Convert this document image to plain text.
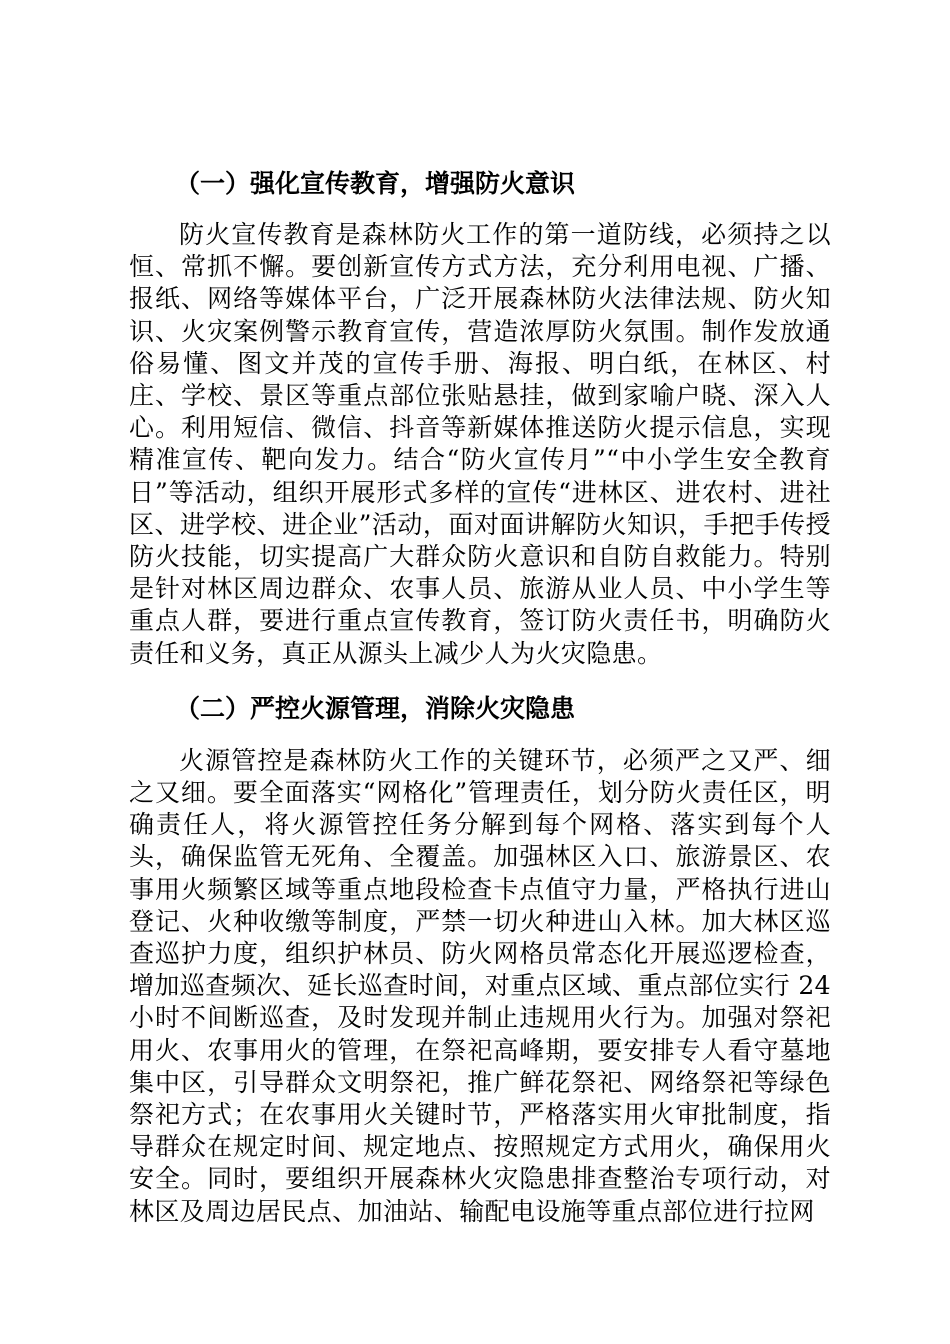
（一）强化宣传教育，增强防火意识

防火宣传教育是森林防火工作的第一道防线，必须持之以恒、常抓不懈。要创新宣传方式方法，充分利用电视、广播、报纸、网络等媒体平台，广泛开展森林防火法律法规、防火知识、火灾案例警示教育宣传，营造浓厚防火氛围。制作发放通俗易懂、图文并茂的宣传手册、海报、明白纸，在林区、村庄、学校、景区等重点部位张贴悬挂，做到家喻户晓、深入人心。利用短信、微信、抖音等新媒体推送防火提示信息，实现精准宣传、靶向发力。结合“防火宣传月”“中小学生安全教育日”等活动，组织开展形式多样的宣传“进林区、进农村、进社区、进学校、进企业”活动，面对面讲解防火知识，手把手传授防火技能，切实提高广大群众防火意识和自防自救能力。特别是针对林区周边群众、农事人员、旅游从业人员、中小学生等重点人群，要进行重点宣传教育，签订防火责任书，明确防火责任和义务，真正从源头上减少人为火灾隐患。

（二）严控火源管理，消除火灾隐患

火源管控是森林防火工作的关键环节，必须严之又严、细之又细。要全面落实“网格化”管理责任，划分防火责任区，明确责任人，将火源管控任务分解到每个网格、落实到每个人头，确保监管无死角、全覆盖。加强林区入口、旅游景区、农事用火频繁区域等重点地段检查卡点值守力量，严格执行进山登记、火种收缴等制度，严禁一切火种进山入林。加大林区巡查巡护力度，组织护林员、防火网格员常态化开展巡逻检查，增加巡查频次、延长巡查时间，对重点区域、重点部位实行 24 小时不间断巡查，及时发现并制止违规用火行为。加强对祭祀用火、农事用火的管理，在祭祀高峰期，要安排专人看守墓地集中区，引导群众文明祭祀，推广鲜花祭祀、网络祭祀等绿色祭祀方式；在农事用火关键时节，严格落实用火审批制度，指导群众在规定时间、规定地点、按照规定方式用火，确保用火安全。同时，要组织开展森林火灾隐患排查整治专项行动，对林区及周边居民点、加油站、输配电设施等重点部位进行拉网
